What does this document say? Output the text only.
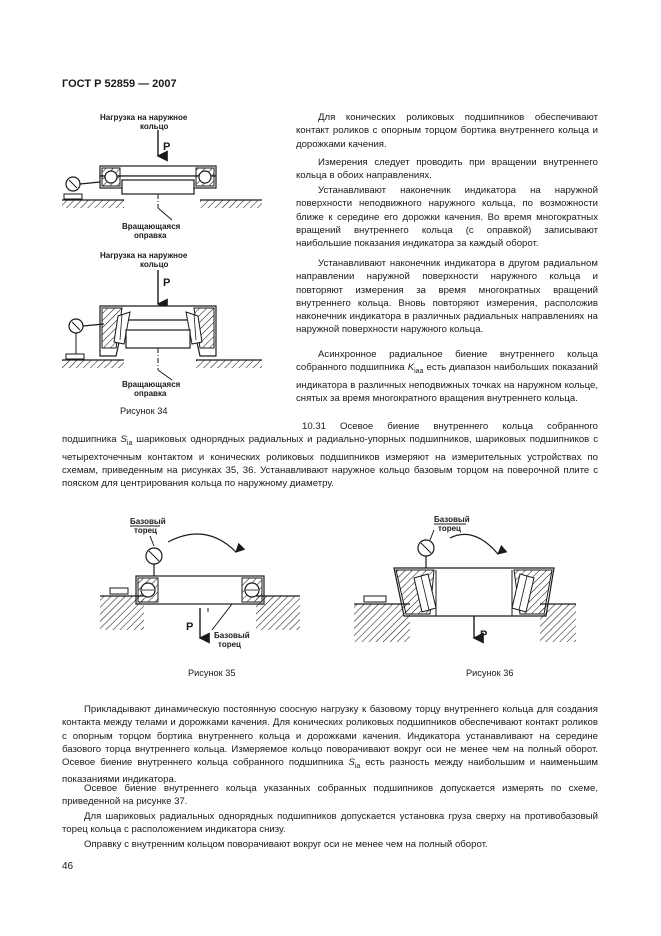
ГОСТ Р 52859 — 2007
Нагрузка на наружное кольцо
P
Вращающаяся оправка
Нагрузка на наружное кольцо
P
Вращающаяся оправка
Рисунок 34

Для конических роликовых подшипников обеспечивают контакт роликов с опорным торцом бортика внутреннего кольца и дорожками качения.

Измерения следует проводить при вращении внутреннего кольца в обоих направлениях.

Устанавливают наконечник индикатора на наружной поверхности неподвижного наружного кольца, по возможности ближе к середине его дорожки качения. Во время многократных вращений внутреннего кольца (с оправкой) записывают наибольшие показания индикатора за каждый оборот.

Устанавливают наконечник индикатора в другом радиальном направлении наружной поверхности наружного кольца и повторяют измерения за время многократных вращений внутреннего кольца. Вновь повторяют измерения, расположив наконечник индикатора в различных радиальных направлениях на наружной поверхности наружного кольца.

Асинхронное радиальное биение внутреннего кольца собранного подшипника $K_{iaa}$ есть диапазон наибольших показаний индикатора в различных неподвижных точках на наружном кольце, снятых за время многократного вращения внутреннего кольца.

10.31 Осевое биение внутреннего кольца собранного подшипника $S_{ia}$ шариковых однорядных радиальных и радиально-упорных подшипников, шариковых подшипников с четырехточечным контактом и конических роликовых подшипников измеряют на измерительных устройствах по схемам, приведенным на рисунках 35, 36. Устанавливают наружное кольцо базовым торцом на поверочной плите с пояском для центрирования кольца по наружному диаметру.

Базовый торец
P
Базовый торец
Рисунок 35
Базовый торец
P
Рисунок 36

Прикладывают динамическую постоянную соосную нагрузку к базовому торцу внутреннего кольца для создания контакта между телами и дорожками качения. Для конических роликовых подшипников обеспечивают контакт роликов с опорным торцом бортика внутреннего кольца и дорожками качения. Индикатора устанавливают на середине базового торца внутреннего кольца. Измеряемое кольцо поворачивают вокруг оси не менее чем на полный оборот. Осевое биение внутреннего кольца собранного подшипника $S_{ia}$ есть разность между наибольшим и наименьшим показаниями индикатора.

Осевое биение внутреннего кольца указанных собранных подшипников допускается измерять по схеме, приведенной на рисунке 37.

Для шариковых радиальных однорядных подшипников допускается установка груза сверху на противобазовый торец кольца с расположением индикатора снизу.

Оправку с внутренним кольцом поворачивают вокруг оси не менее чем на полный оборот.

46
